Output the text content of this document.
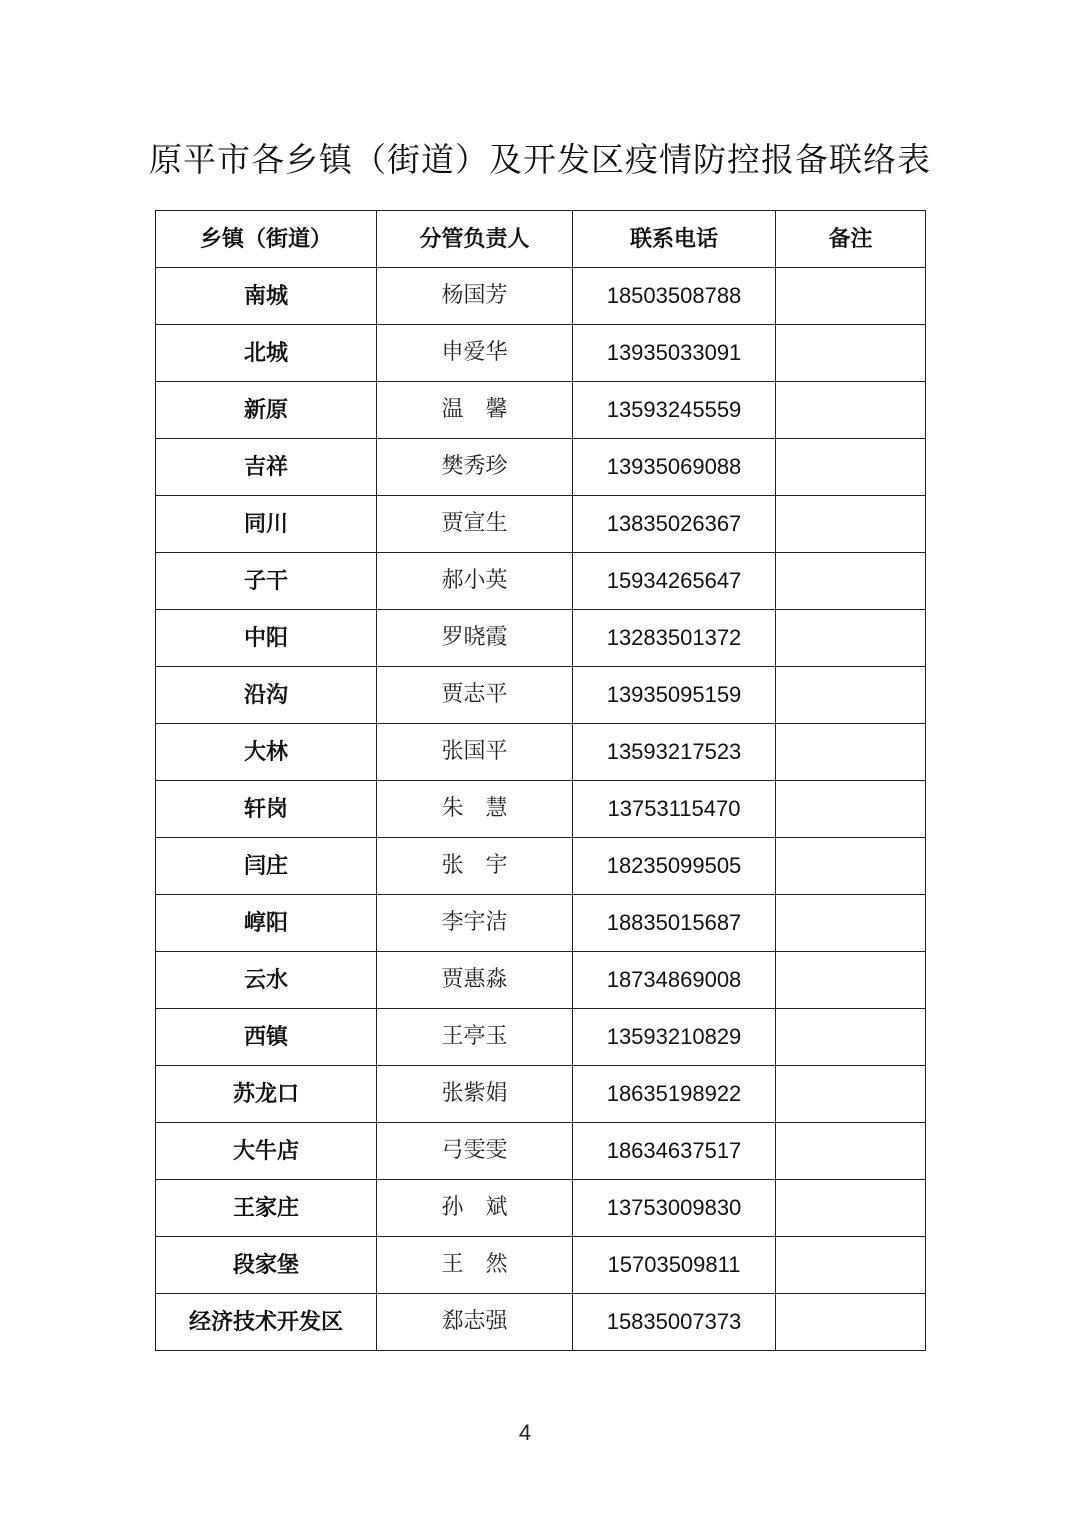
原平市各乡镇（街道）及开发区疫情防控报备联络表
乡镇（街道）	分管负责人	联系电话	备注
南城	杨国芳	18503508788	
北城	申爱华	13935033091	
新原	温　馨	13593245559	
吉祥	樊秀珍	13935069088	
同川	贾宣生	13835026367	
子干	郝小英	15934265647	
中阳	罗晓霞	13283501372	
沿沟	贾志平	13935095159	
大林	张国平	13593217523	
轩岗	朱　慧	13753115470	
闫庄	张　宇	18235099505	
崞阳	李宇洁	18835015687	
云水	贾惠淼	18734869008	
西镇	王亭玉	13593210829	
苏龙口	张紫娟	18635198922	
大牛店	弓雯雯	18634637517	
王家庄	孙　斌	13753009830	
段家堡	王　然	15703509811	
经济技术开发区	郄志强	15835007373	
4
